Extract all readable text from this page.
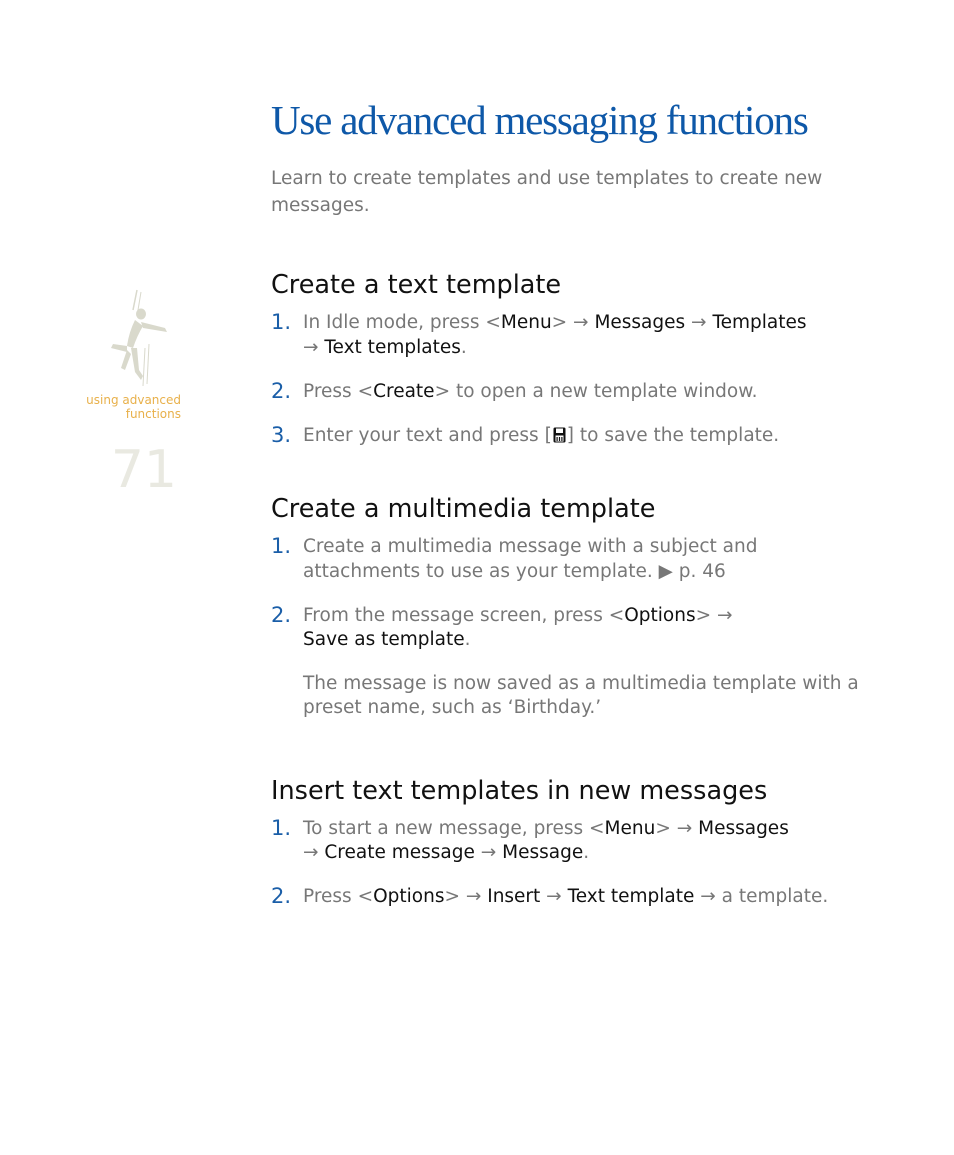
using advanced
functions
71
Use advanced messaging functions

Learn to create templates and use templates to create new messages.

Create a text template
1. In Idle mode, press <Menu> → Messages → Templates
→ Text templates.
2. Press <Create> to open a new template window.
3. Enter your text and press [ ] to save the template.
Create a multimedia template
1. Create a multimedia message with a subject and attachments to use as your template. ▶ p. 46
2. From the message screen, press <Options> →
Save as template.
The message is now saved as a multimedia template with a preset name, such as ‘Birthday.’
Insert text templates in new messages
1. To start a new message, press <Menu> → Messages
→ Create message → Message.
2. Press <Options> → Insert → Text template → a template.
